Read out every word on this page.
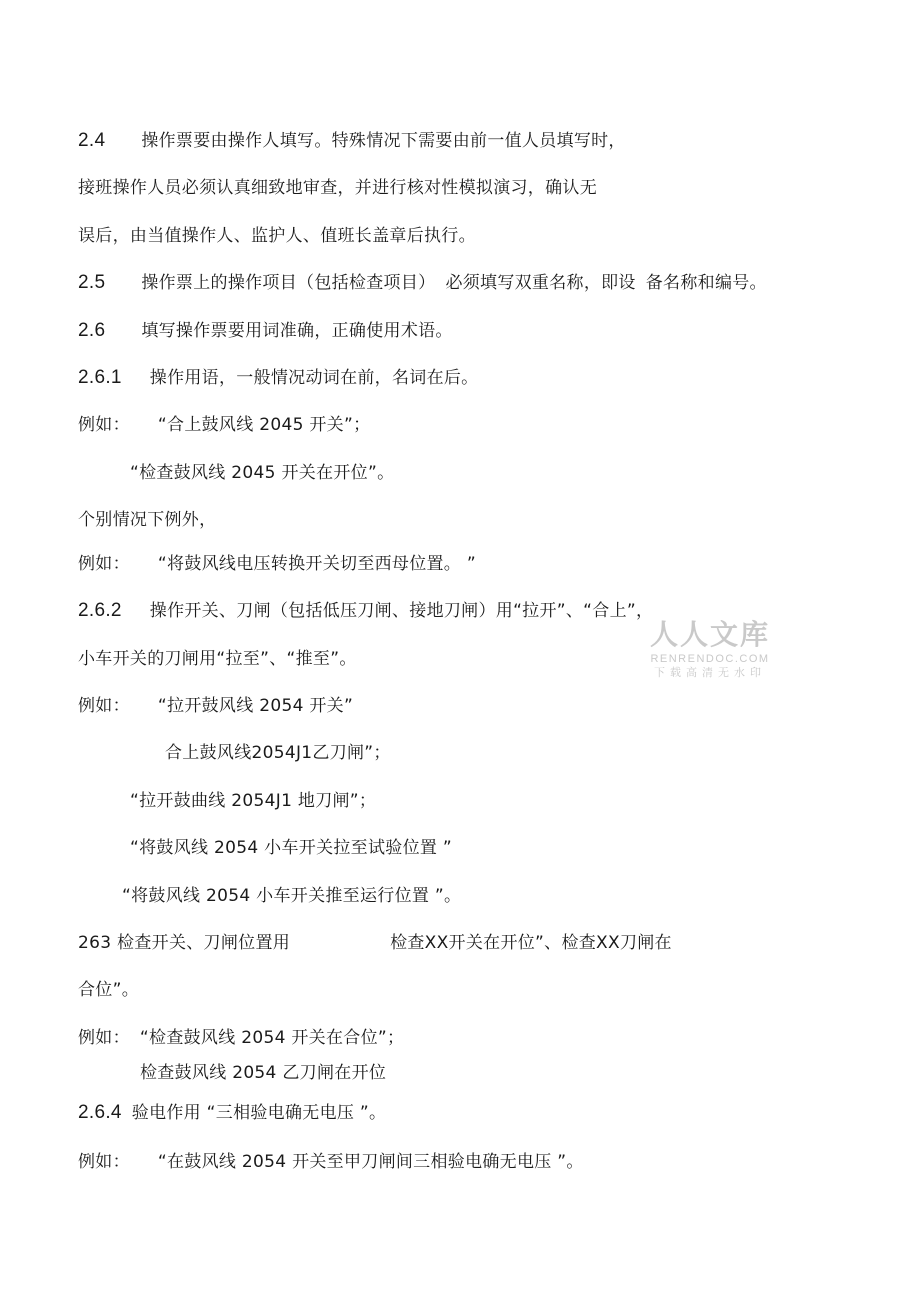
2.4 操作票要由操作人填写。特殊情况下需要由前一值人员填写时，
接班操作人员必须认真细致地审查，并进行核对性模拟演习，确认无
误后，由当值操作人、监护人、值班长盖章后执行。
2.5 操作票上的操作项目（包括检查项目） 必须填写双重名称，即设 备名称和编号。
2.6 填写操作票要用词准确，正确使用术语。
2.6.1 操作用语，一般情况动词在前，名词在后。
例如： “合上鼓风线 2045 开关”；
“检查鼓风线 2045 开关在开位”。
个别情况下例外，
例如： “将鼓风线电压转换开关切至西母位置。 ”
2.6.2 操作开关、刀闸（包括低压刀闸、接地刀闸）用“拉开”、“合上”，
小车开关的刀闸用“拉至”、“推至”。
例如： “拉开鼓风线 2054 开关”
合上鼓风线2054J1乙刀闸”；
“拉开鼓曲线 2054J1 地刀闸”；
“将鼓风线 2054 小车开关拉至试验位置 ”
“将鼓风线 2054 小车开关推至运行位置 ”。
263 检查开关、刀闸位置用	检查XX开关在开位”、检查XX刀闸在
合位”。
例如： “检查鼓风线 2054 开关在合位”；
检查鼓风线 2054 乙刀闸在开位
2.6.4 验电作用 “三相验电确无电压 ”。
例如： “在鼓风线 2054 开关至甲刀闸间三相验电确无电压 ”。
人人文库
RENRENDOC.COM
下载高清无水印
